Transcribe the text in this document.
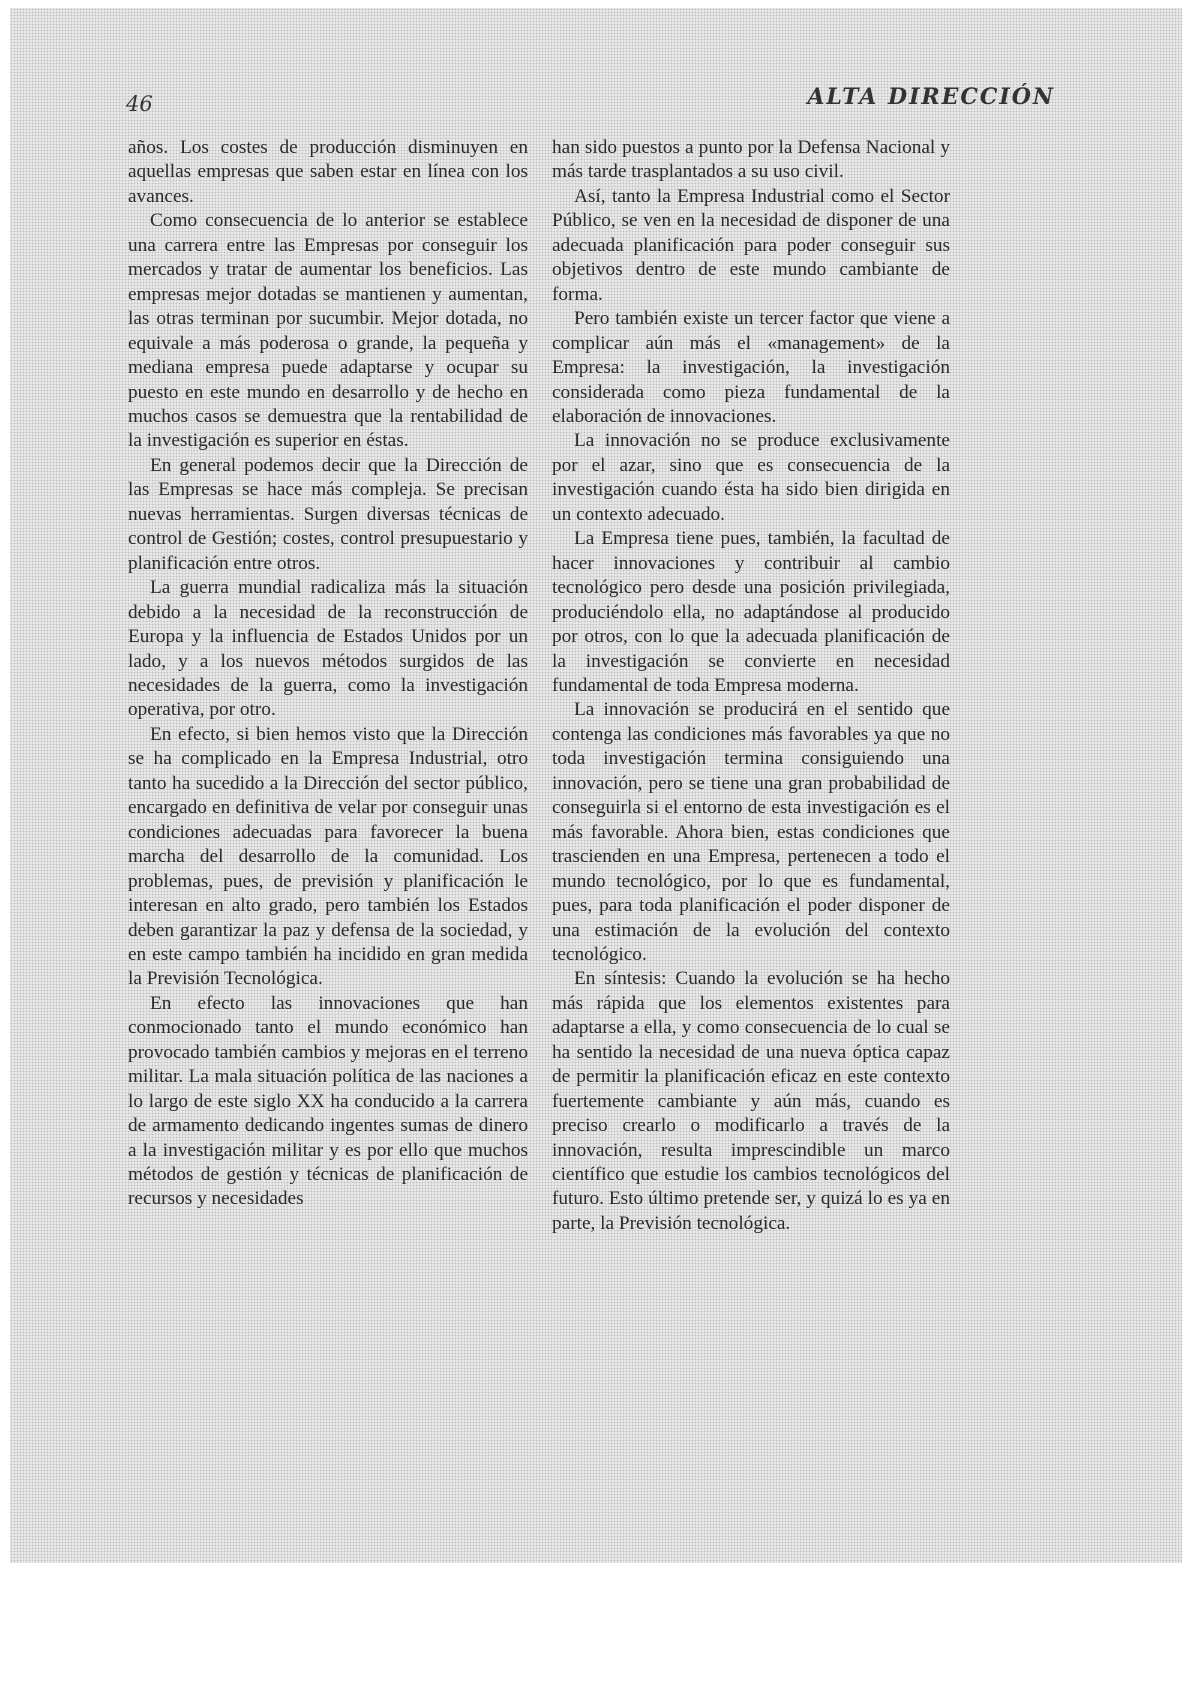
46	ALTA DIRECCIÓN

años. Los costes de producción disminuyen en aquellas empresas que saben estar en línea con los avances.

Como consecuencia de lo anterior se establece una carrera entre las Empresas por conseguir los mercados y tratar de aumentar los beneficios. Las empresas mejor dotadas se mantienen y aumentan, las otras terminan por sucumbir. Mejor dotada, no equivale a más poderosa o grande, la pequeña y mediana empresa puede adaptarse y ocupar su puesto en este mundo en desarrollo y de hecho en muchos casos se demuestra que la rentabilidad de la investigación es superior en éstas.

En general podemos decir que la Dirección de las Empresas se hace más compleja. Se precisan nuevas herramientas. Surgen diversas técnicas de control de Gestión; costes, control presupuestario y planificación entre otros.

La guerra mundial radicaliza más la situación debido a la necesidad de la reconstrucción de Europa y la influencia de Estados Unidos por un lado, y a los nuevos métodos surgidos de las necesidades de la guerra, como la investigación operativa, por otro.

En efecto, si bien hemos visto que la Dirección se ha complicado en la Empresa Industrial, otro tanto ha sucedido a la Dirección del sector público, encargado en definitiva de velar por conseguir unas condiciones adecuadas para favorecer la buena marcha del desarrollo de la comunidad. Los problemas, pues, de previsión y planificación le interesan en alto grado, pero también los Estados deben garantizar la paz y defensa de la sociedad, y en este campo también ha incidido en gran medida la Previsión Tecnológica.

En efecto las innovaciones que han conmocionado tanto el mundo económico han provocado también cambios y mejoras en el terreno militar. La mala situación política de las naciones a lo largo de este siglo XX ha conducido a la carrera de armamento dedicando ingentes sumas de dinero a la investigación militar y es por ello que muchos métodos de gestión y técnicas de planificación de recursos y necesidades

han sido puestos a punto por la Defensa Nacional y más tarde trasplantados a su uso civil.

Así, tanto la Empresa Industrial como el Sector Público, se ven en la necesidad de disponer de una adecuada planificación para poder conseguir sus objetivos dentro de este mundo cambiante de forma.

Pero también existe un tercer factor que viene a complicar aún más el «management» de la Empresa: la investigación, la investigación considerada como pieza fundamental de la elaboración de innovaciones.

La innovación no se produce exclusivamente por el azar, sino que es consecuencia de la investigación cuando ésta ha sido bien dirigida en un contexto adecuado.

La Empresa tiene pues, también, la facultad de hacer innovaciones y contribuir al cambio tecnológico pero desde una posición privilegiada, produciéndolo ella, no adaptándose al producido por otros, con lo que la adecuada planificación de la investigación se convierte en necesidad fundamental de toda Empresa moderna.

La innovación se producirá en el sentido que contenga las condiciones más favorables ya que no toda investigación termina consiguiendo una innovación, pero se tiene una gran probabilidad de conseguirla si el entorno de esta investigación es el más favorable. Ahora bien, estas condiciones que trascienden en una Empresa, pertenecen a todo el mundo tecnológico, por lo que es fundamental, pues, para toda planificación el poder disponer de una estimación de la evolución del contexto tecnológico.

En síntesis: Cuando la evolución se ha hecho más rápida que los elementos existentes para adaptarse a ella, y como consecuencia de lo cual se ha sentido la necesidad de una nueva óptica capaz de permitir la planificación eficaz en este contexto fuertemente cambiante y aún más, cuando es preciso crearlo o modificarlo a través de la innovación, resulta imprescindible un marco científico que estudie los cambios tecnológicos del futuro. Esto último pretende ser, y quizá lo es ya en parte, la Previsión tecnológica.
